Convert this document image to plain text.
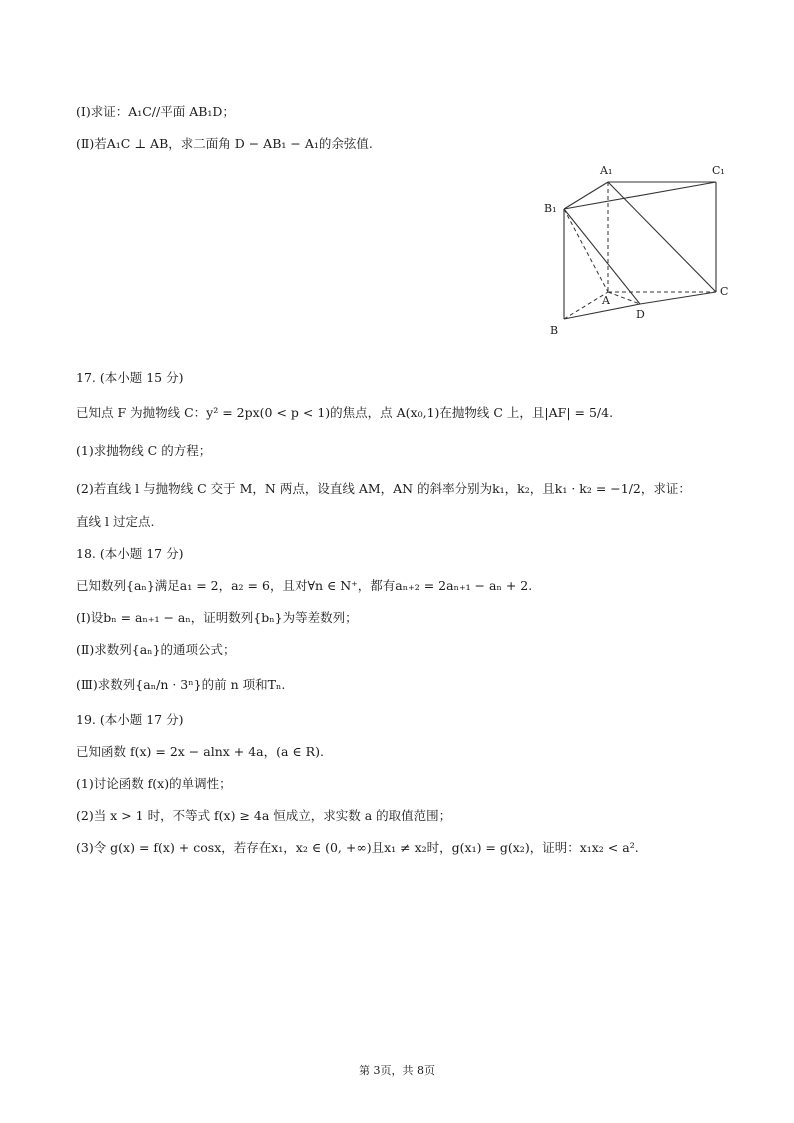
(Ⅰ)求证：A₁C//平面 AB₁D；
(Ⅱ)若A₁C ⊥ AB，求二面角 D − AB₁ − A₁的余弦值.
A₁	C₁
B₁
A
B
C
D
17. (本小题 15 分)
已知点 F 为抛物线 C：y² = 2px(0 < p < 1)的焦点，点 A(x₀,1)在抛物线 C 上，且|AF| = 5/4.
(1)求抛物线 C 的方程；
(2)若直线 l 与抛物线 C 交于 M，N 两点，设直线 AM，AN 的斜率分别为k₁，k₂，且k₁ · k₂ = −1/2，求证：
直线 l 过定点.
18. (本小题 17 分)
已知数列{aₙ}满足a₁ = 2，a₂ = 6，且对∀n ∈ N⁺，都有aₙ₊₂ = 2aₙ₊₁ − aₙ + 2.
(Ⅰ)设bₙ = aₙ₊₁ − aₙ，证明数列{bₙ}为等差数列；
(Ⅱ)求数列{aₙ}的通项公式；
(Ⅲ)求数列{aₙ/n · 3ⁿ}的前 n 项和Tₙ.
19. (本小题 17 分)
已知函数 f(x) = 2x − alnx + 4a，(a ∈ R).
(1)讨论函数 f(x)的单调性；
(2)当 x > 1 时，不等式 f(x) ≥ 4a 恒成立，求实数 a 的取值范围；
(3)令 g(x) = f(x) + cosx，若存在x₁，x₂ ∈ (0, +∞)且x₁ ≠ x₂时，g(x₁) = g(x₂)，证明：x₁x₂ < a².
第 3页，共 8页
